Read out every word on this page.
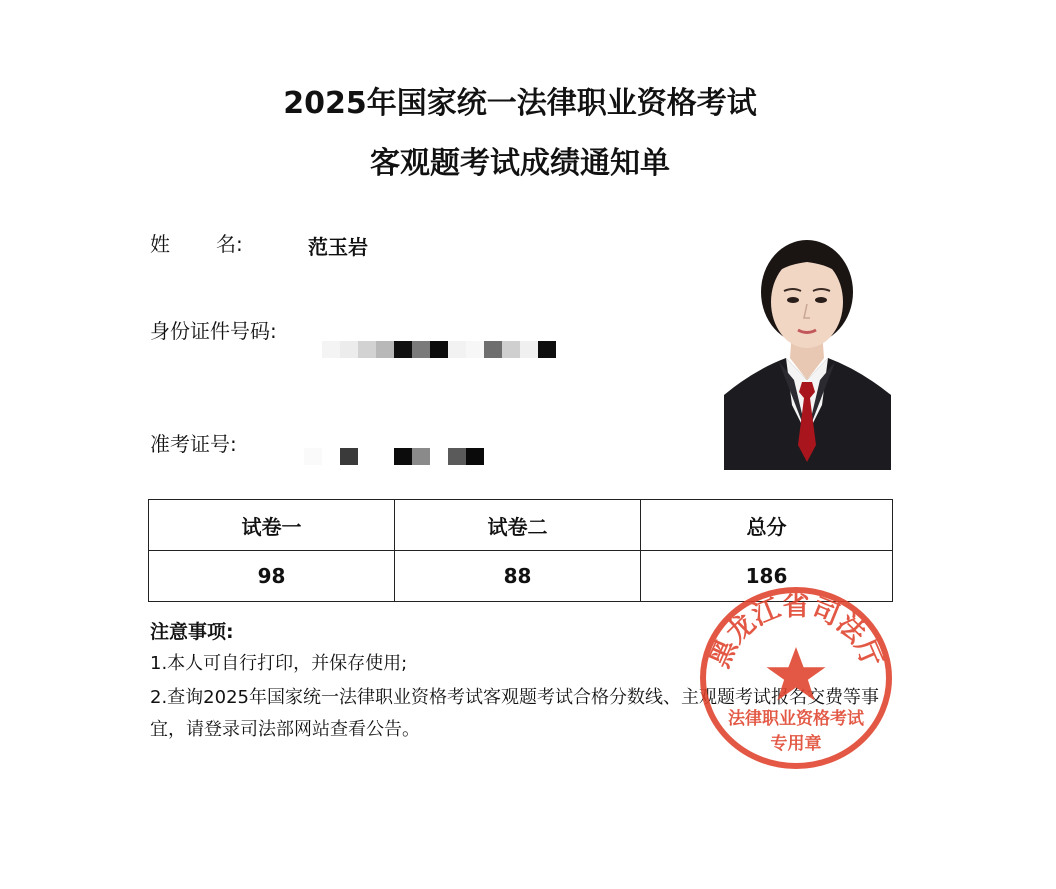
2025年国家统一法律职业资格考试
客观题考试成绩通知单
姓 名:	范玉岩
身份证件号码:
准考证号:
试卷一	试卷二	总分
98	88	186
注意事项:
1.本人可自行打印，并保存使用;
2.查询2025年国家统一法律职业资格考试客观题考试合格分数线、主观题考试报名交费等事宜，请登录司法部网站查看公告。
黑龙江省司法厅
法律职业资格考试
专用章
